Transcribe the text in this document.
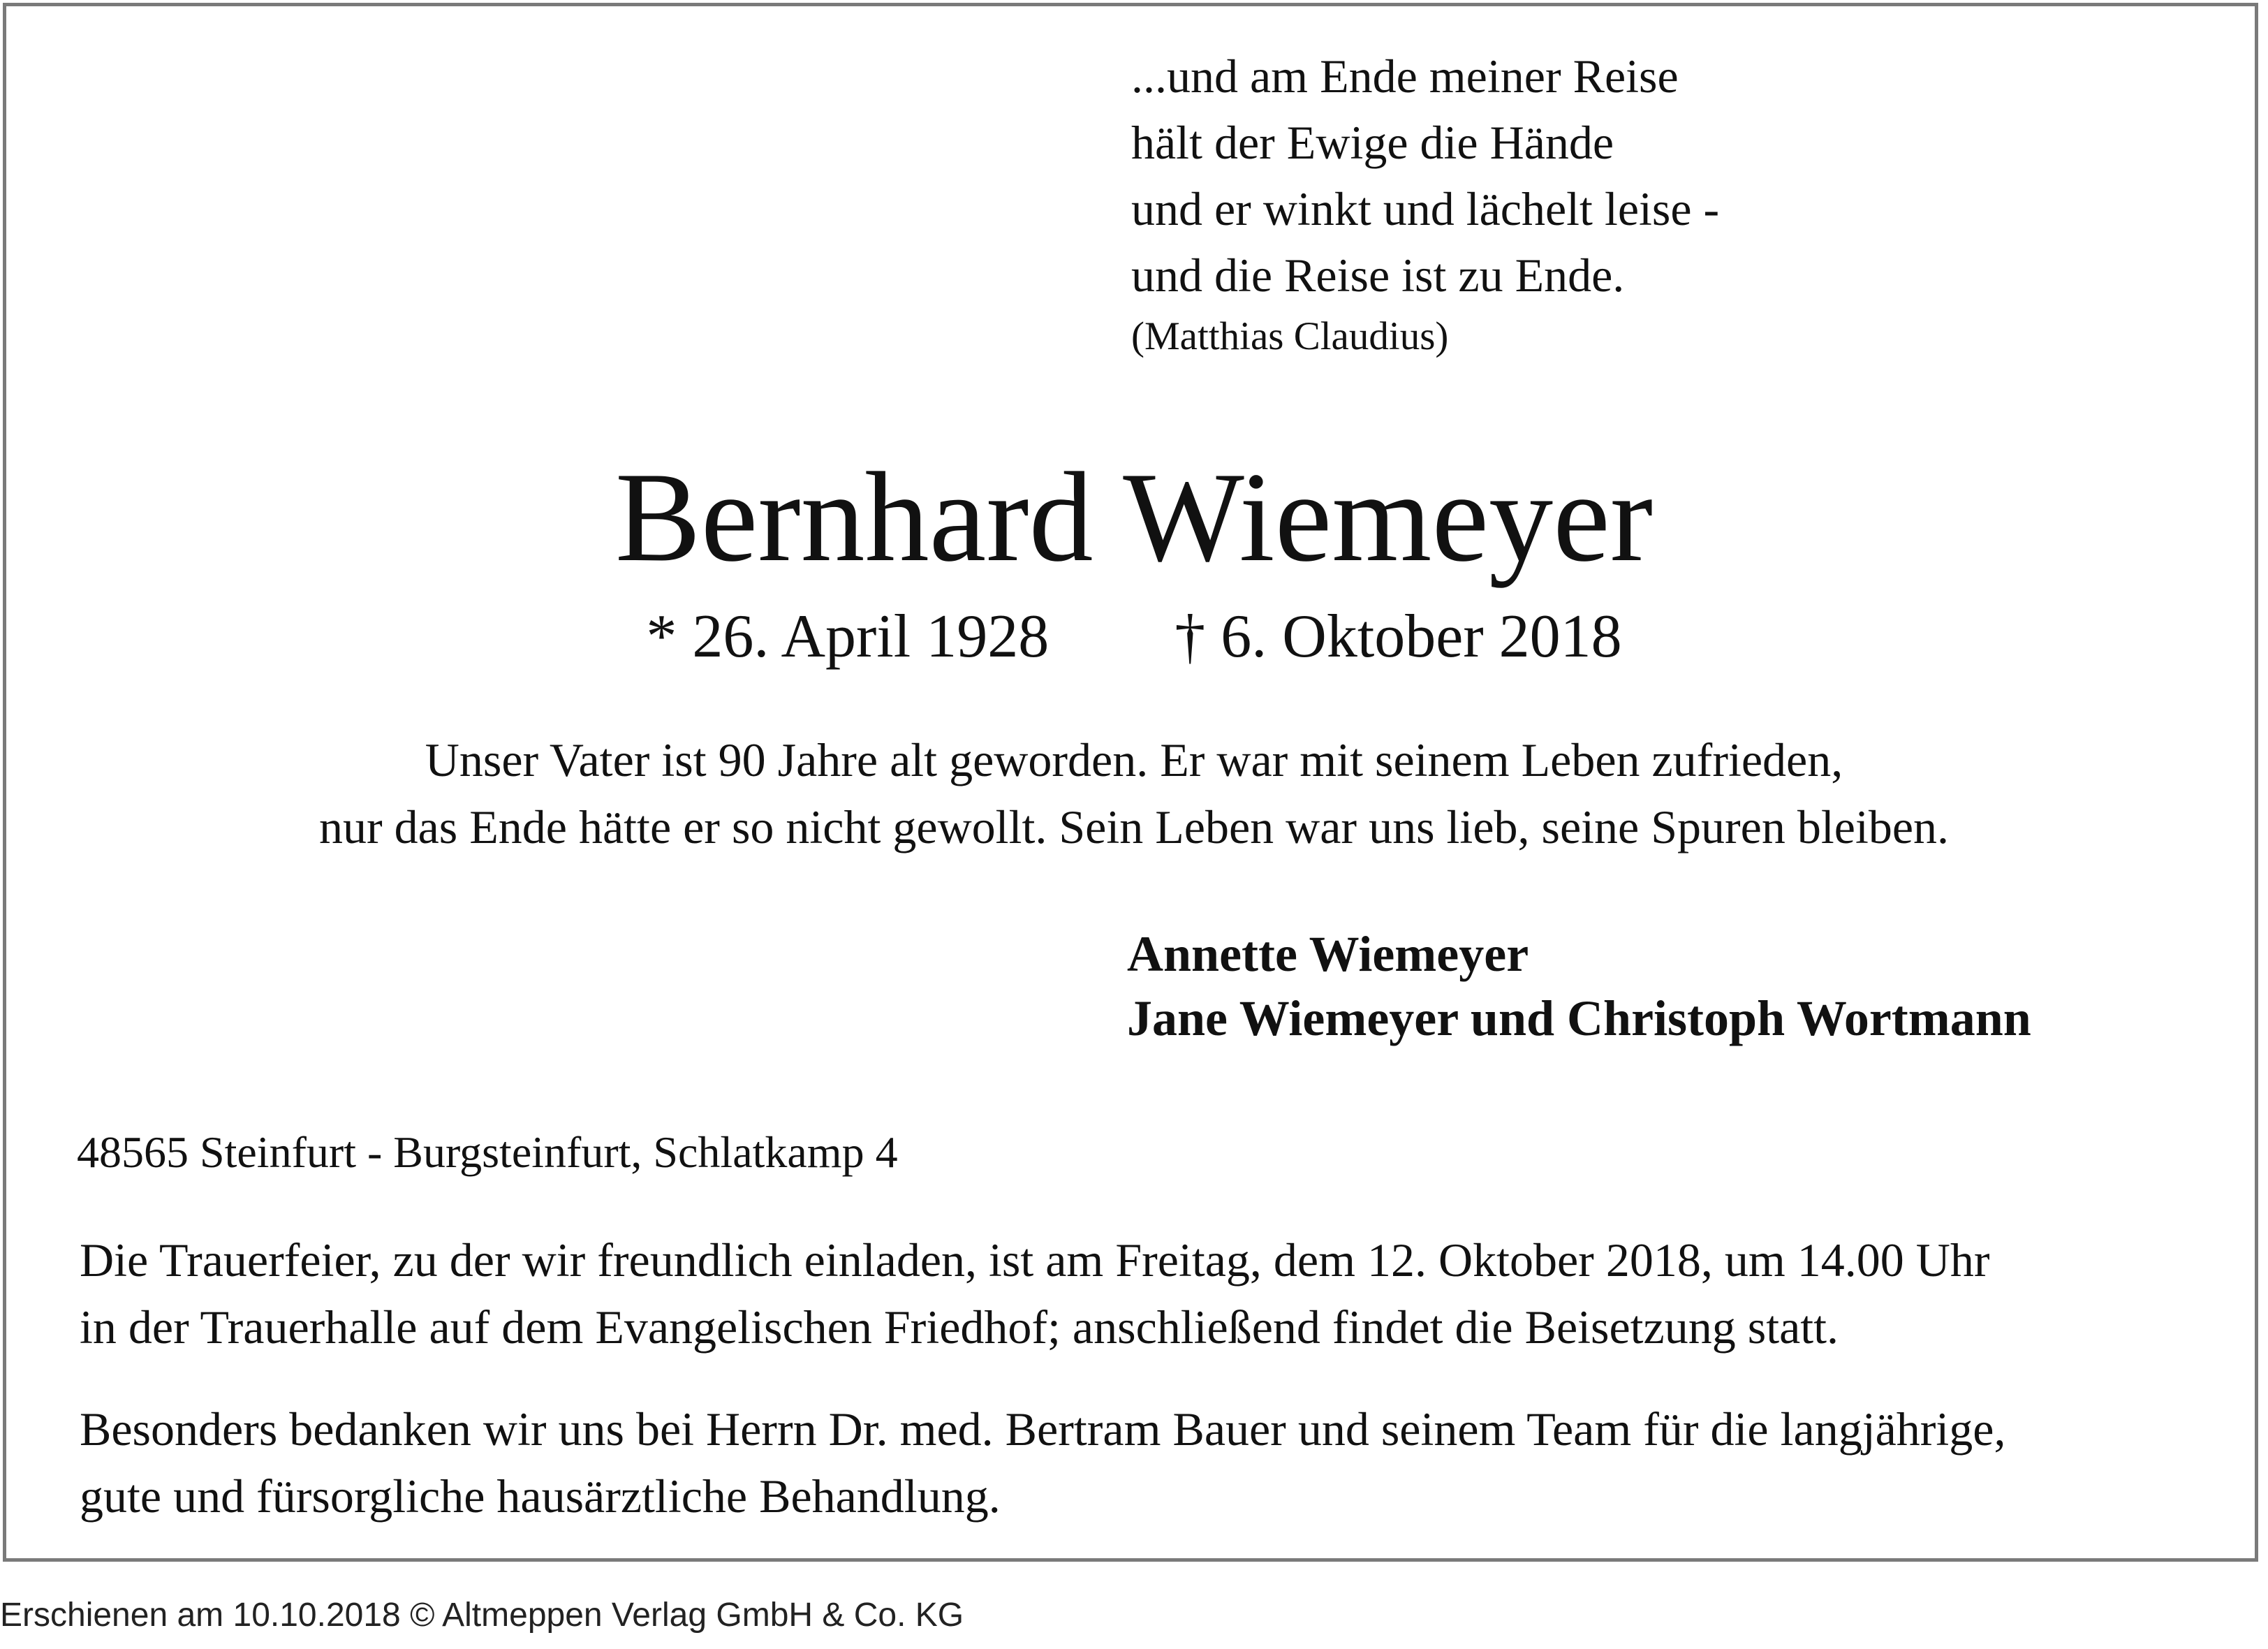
...und am Ende meiner Reise
hält der Ewige die Hände
und er winkt und lächelt leise -
und die Reise ist zu Ende.
(Matthias Claudius)
Bernhard Wiemeyer
* 26. April 1928 † 6. Oktober 2018
Unser Vater ist 90 Jahre alt geworden. Er war mit seinem Leben zufrieden,
nur das Ende hätte er so nicht gewollt. Sein Leben war uns lieb, seine Spuren bleiben.
Annette Wiemeyer
Jane Wiemeyer und Christoph Wortmann
48565 Steinfurt - Burgsteinfurt, Schlatkamp 4
Die Trauerfeier, zu der wir freundlich einladen, ist am Freitag, dem 12. Oktober 2018, um 14.00 Uhr
in der Trauerhalle auf dem Evangelischen Friedhof; anschließend findet die Beisetzung statt.
Besonders bedanken wir uns bei Herrn Dr. med. Bertram Bauer und seinem Team für die langjährige,
gute und fürsorgliche hausärztliche Behandlung.
Erschienen am 10.10.2018 © Altmeppen Verlag GmbH & Co. KG
